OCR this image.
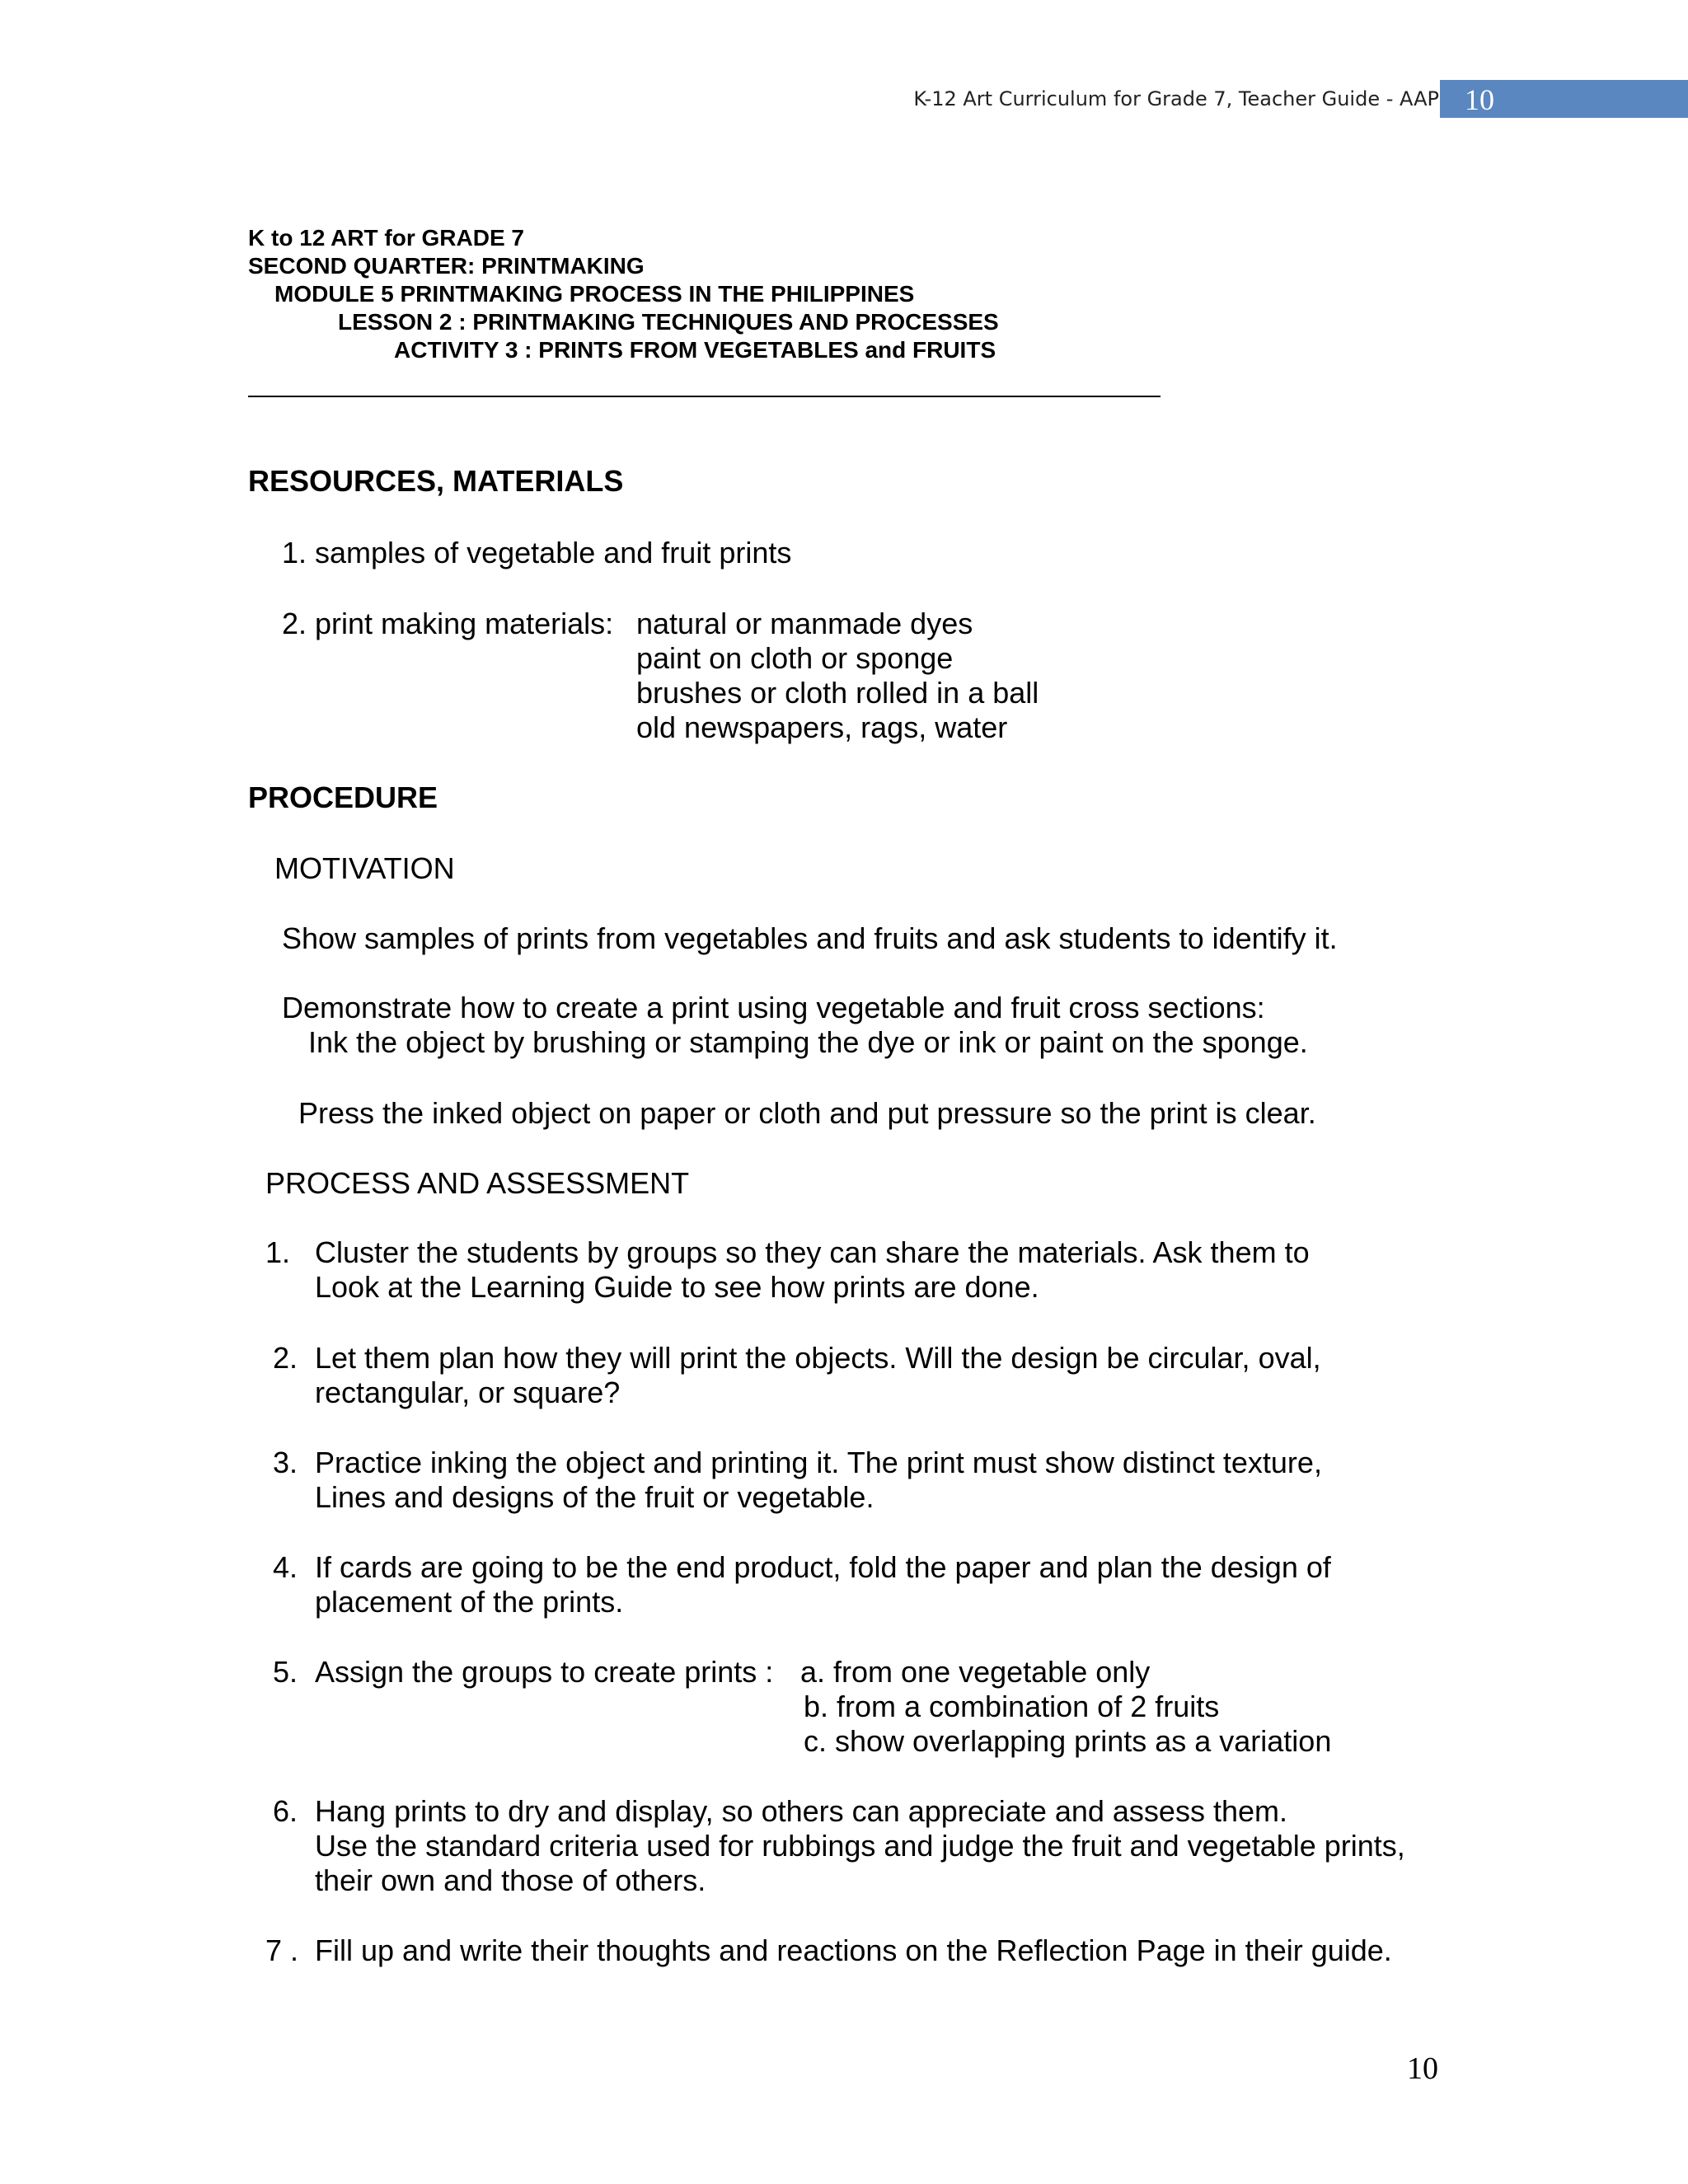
K-12 Art Curriculum for Grade 7, Teacher Guide - AAP 10
K to 12 ART for GRADE 7
SECOND QUARTER: PRINTMAKING
MODULE 5 PRINTMAKING PROCESS IN THE PHILIPPINES
LESSON 2 : PRINTMAKING TECHNIQUES AND PROCESSES
ACTIVITY 3 : PRINTS FROM VEGETABLES and FRUITS
RESOURCES, MATERIALS
1. samples of vegetable and fruit prints
2. print making materials: natural or manmade dyes
paint on cloth or sponge
brushes or cloth rolled in a ball
old newspapers, rags, water
PROCEDURE
MOTIVATION
Show samples of prints from vegetables and fruits and ask students to identify it.
Demonstrate how to create a print using vegetable and fruit cross sections:
Ink the object by brushing or stamping the dye or ink or paint on the sponge.
Press the inked object on paper or cloth and put pressure so the print is clear.
PROCESS AND ASSESSMENT
1. Cluster the students by groups so they can share the materials. Ask them to
Look at the Learning Guide to see how prints are done.
2. Let them plan how they will print the objects. Will the design be circular, oval,
rectangular, or square?
3. Practice inking the object and printing it. The print must show distinct texture,
Lines and designs of the fruit or vegetable.
4. If cards are going to be the end product, fold the paper and plan the design of
placement of the prints.
5. Assign the groups to create prints : a. from one vegetable only
b. from a combination of 2 fruits
c. show overlapping prints as a variation
6. Hang prints to dry and display, so others can appreciate and assess them.
Use the standard criteria used for rubbings and judge the fruit and vegetable prints,
their own and those of others.
7 . Fill up and write their thoughts and reactions on the Reflection Page in their guide.
10
